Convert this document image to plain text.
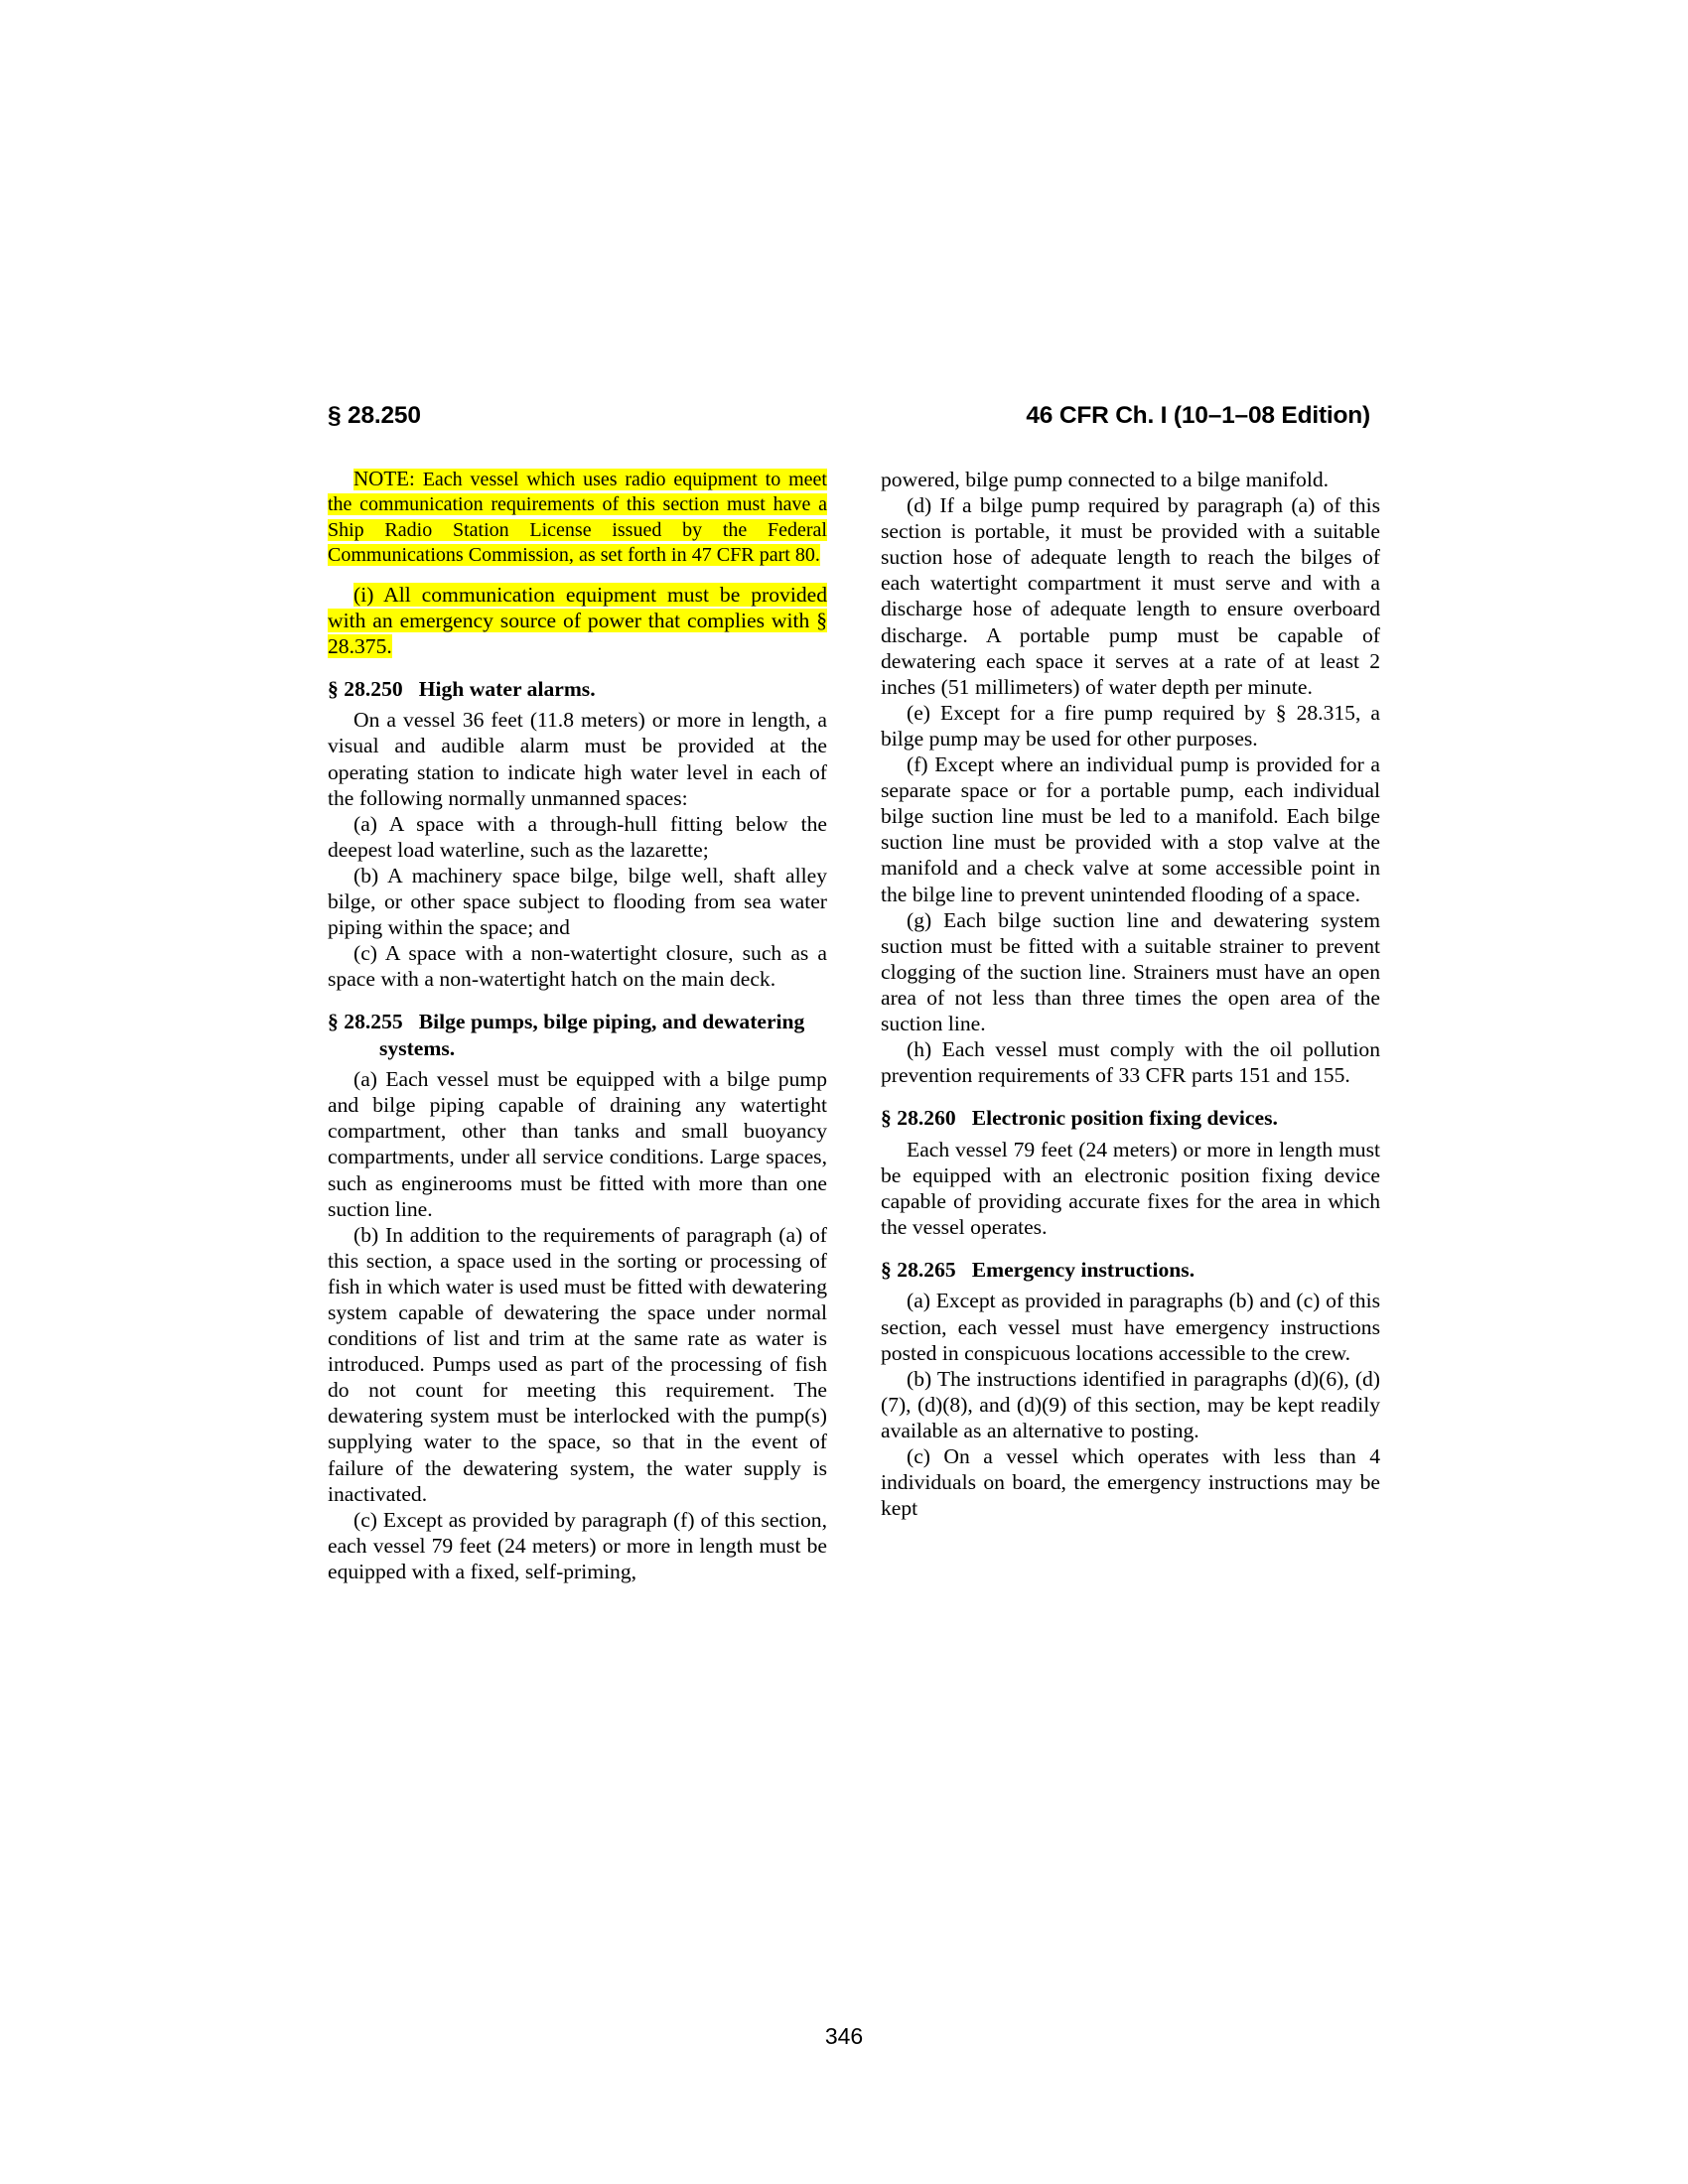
§ 28.250	46 CFR Ch. I (10–1–08 Edition)

NOTE: Each vessel which uses radio equipment to meet the communication requirements of this section must have a Ship Radio Station License issued by the Federal Communications Commission, as set forth in 47 CFR part 80.

(i) All communication equipment must be provided with an emergency source of power that complies with § 28.375.

§ 28.250 High water alarms.

On a vessel 36 feet (11.8 meters) or more in length, a visual and audible alarm must be provided at the operating station to indicate high water level in each of the following normally unmanned spaces:

(a) A space with a through-hull fitting below the deepest load waterline, such as the lazarette;

(b) A machinery space bilge, bilge well, shaft alley bilge, or other space subject to flooding from sea water piping within the space; and

(c) A space with a non-watertight closure, such as a space with a non-watertight hatch on the main deck.

§ 28.255 Bilge pumps, bilge piping, and dewatering systems.

(a) Each vessel must be equipped with a bilge pump and bilge piping capable of draining any watertight compartment, other than tanks and small buoyancy compartments, under all service conditions. Large spaces, such as enginerooms must be fitted with more than one suction line.

(b) In addition to the requirements of paragraph (a) of this section, a space used in the sorting or processing of fish in which water is used must be fitted with dewatering system capable of dewatering the space under normal conditions of list and trim at the same rate as water is introduced. Pumps used as part of the processing of fish do not count for meeting this requirement. The dewatering system must be interlocked with the pump(s) supplying water to the space, so that in the event of failure of the dewatering system, the water supply is inactivated.

(c) Except as provided by paragraph (f) of this section, each vessel 79 feet (24 meters) or more in length must be equipped with a fixed, self-priming,

powered, bilge pump connected to a bilge manifold.

(d) If a bilge pump required by paragraph (a) of this section is portable, it must be provided with a suitable suction hose of adequate length to reach the bilges of each watertight compartment it must serve and with a discharge hose of adequate length to ensure overboard discharge. A portable pump must be capable of dewatering each space it serves at a rate of at least 2 inches (51 millimeters) of water depth per minute.

(e) Except for a fire pump required by § 28.315, a bilge pump may be used for other purposes.

(f) Except where an individual pump is provided for a separate space or for a portable pump, each individual bilge suction line must be led to a manifold. Each bilge suction line must be provided with a stop valve at the manifold and a check valve at some accessible point in the bilge line to prevent unintended flooding of a space.

(g) Each bilge suction line and dewatering system suction must be fitted with a suitable strainer to prevent clogging of the suction line. Strainers must have an open area of not less than three times the open area of the suction line.

(h) Each vessel must comply with the oil pollution prevention requirements of 33 CFR parts 151 and 155.

§ 28.260 Electronic position fixing devices.

Each vessel 79 feet (24 meters) or more in length must be equipped with an electronic position fixing device capable of providing accurate fixes for the area in which the vessel operates.

§ 28.265 Emergency instructions.

(a) Except as provided in paragraphs (b) and (c) of this section, each vessel must have emergency instructions posted in conspicuous locations accessible to the crew.

(b) The instructions identified in paragraphs (d)(6), (d)(7), (d)(8), and (d)(9) of this section, may be kept readily available as an alternative to posting.

(c) On a vessel which operates with less than 4 individuals on board, the emergency instructions may be kept

346
